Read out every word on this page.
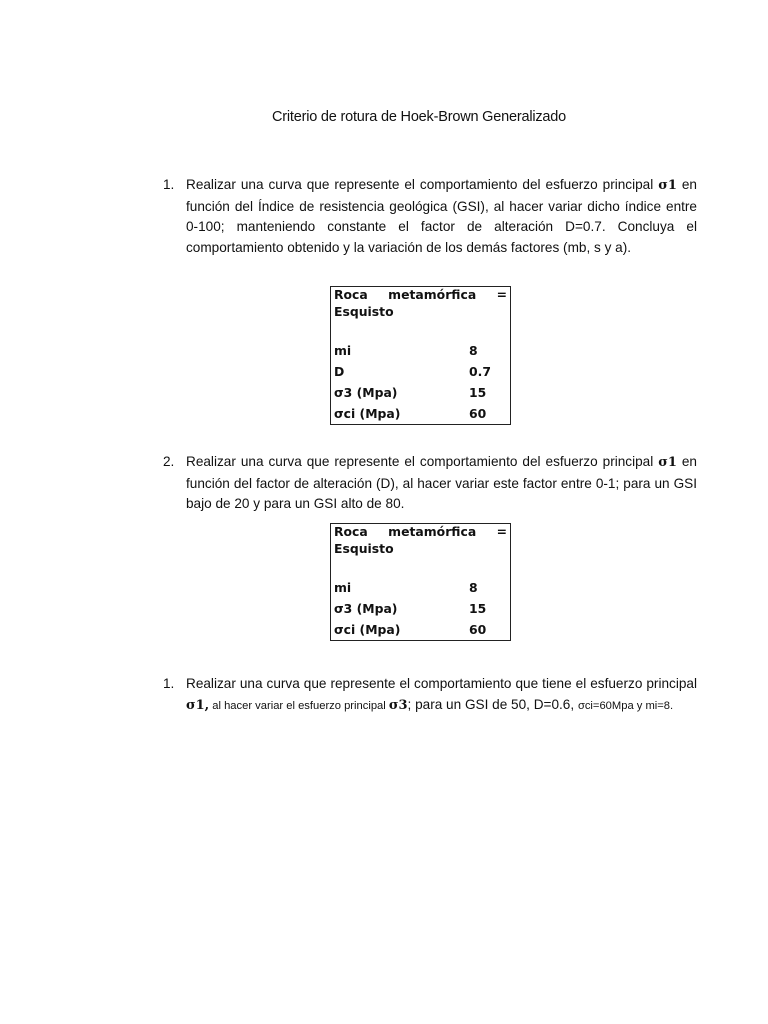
Criterio de rotura de Hoek-Brown Generalizado
1. Realizar una curva que represente el comportamiento del esfuerzo principal σ1 en función del Índice de resistencia geológica (GSI), al hacer variar dicho índice entre 0-100; manteniendo constante el factor de alteración D=0.7. Concluya el comportamiento obtenido y la variación de los demás factores (mb, s y a).
Roca metamórfica =
Esquisto	

mi	8
D	0.7
σ3 (Mpa)	15
σci (Mpa)	60
2. Realizar una curva que represente el comportamiento del esfuerzo principal σ1 en función del factor de alteración (D), al hacer variar este factor entre 0-1; para un GSI bajo de 20 y para un GSI alto de 80.
Roca metamórfica =
Esquisto	

mi	8
σ3 (Mpa)	15
σci (Mpa)	60
1. Realizar una curva que represente el comportamiento que tiene el esfuerzo principal σ1, al hacer variar el esfuerzo principal σ3; para un GSI de 50, D=0.6, σci=60Mpa y mi=8.
